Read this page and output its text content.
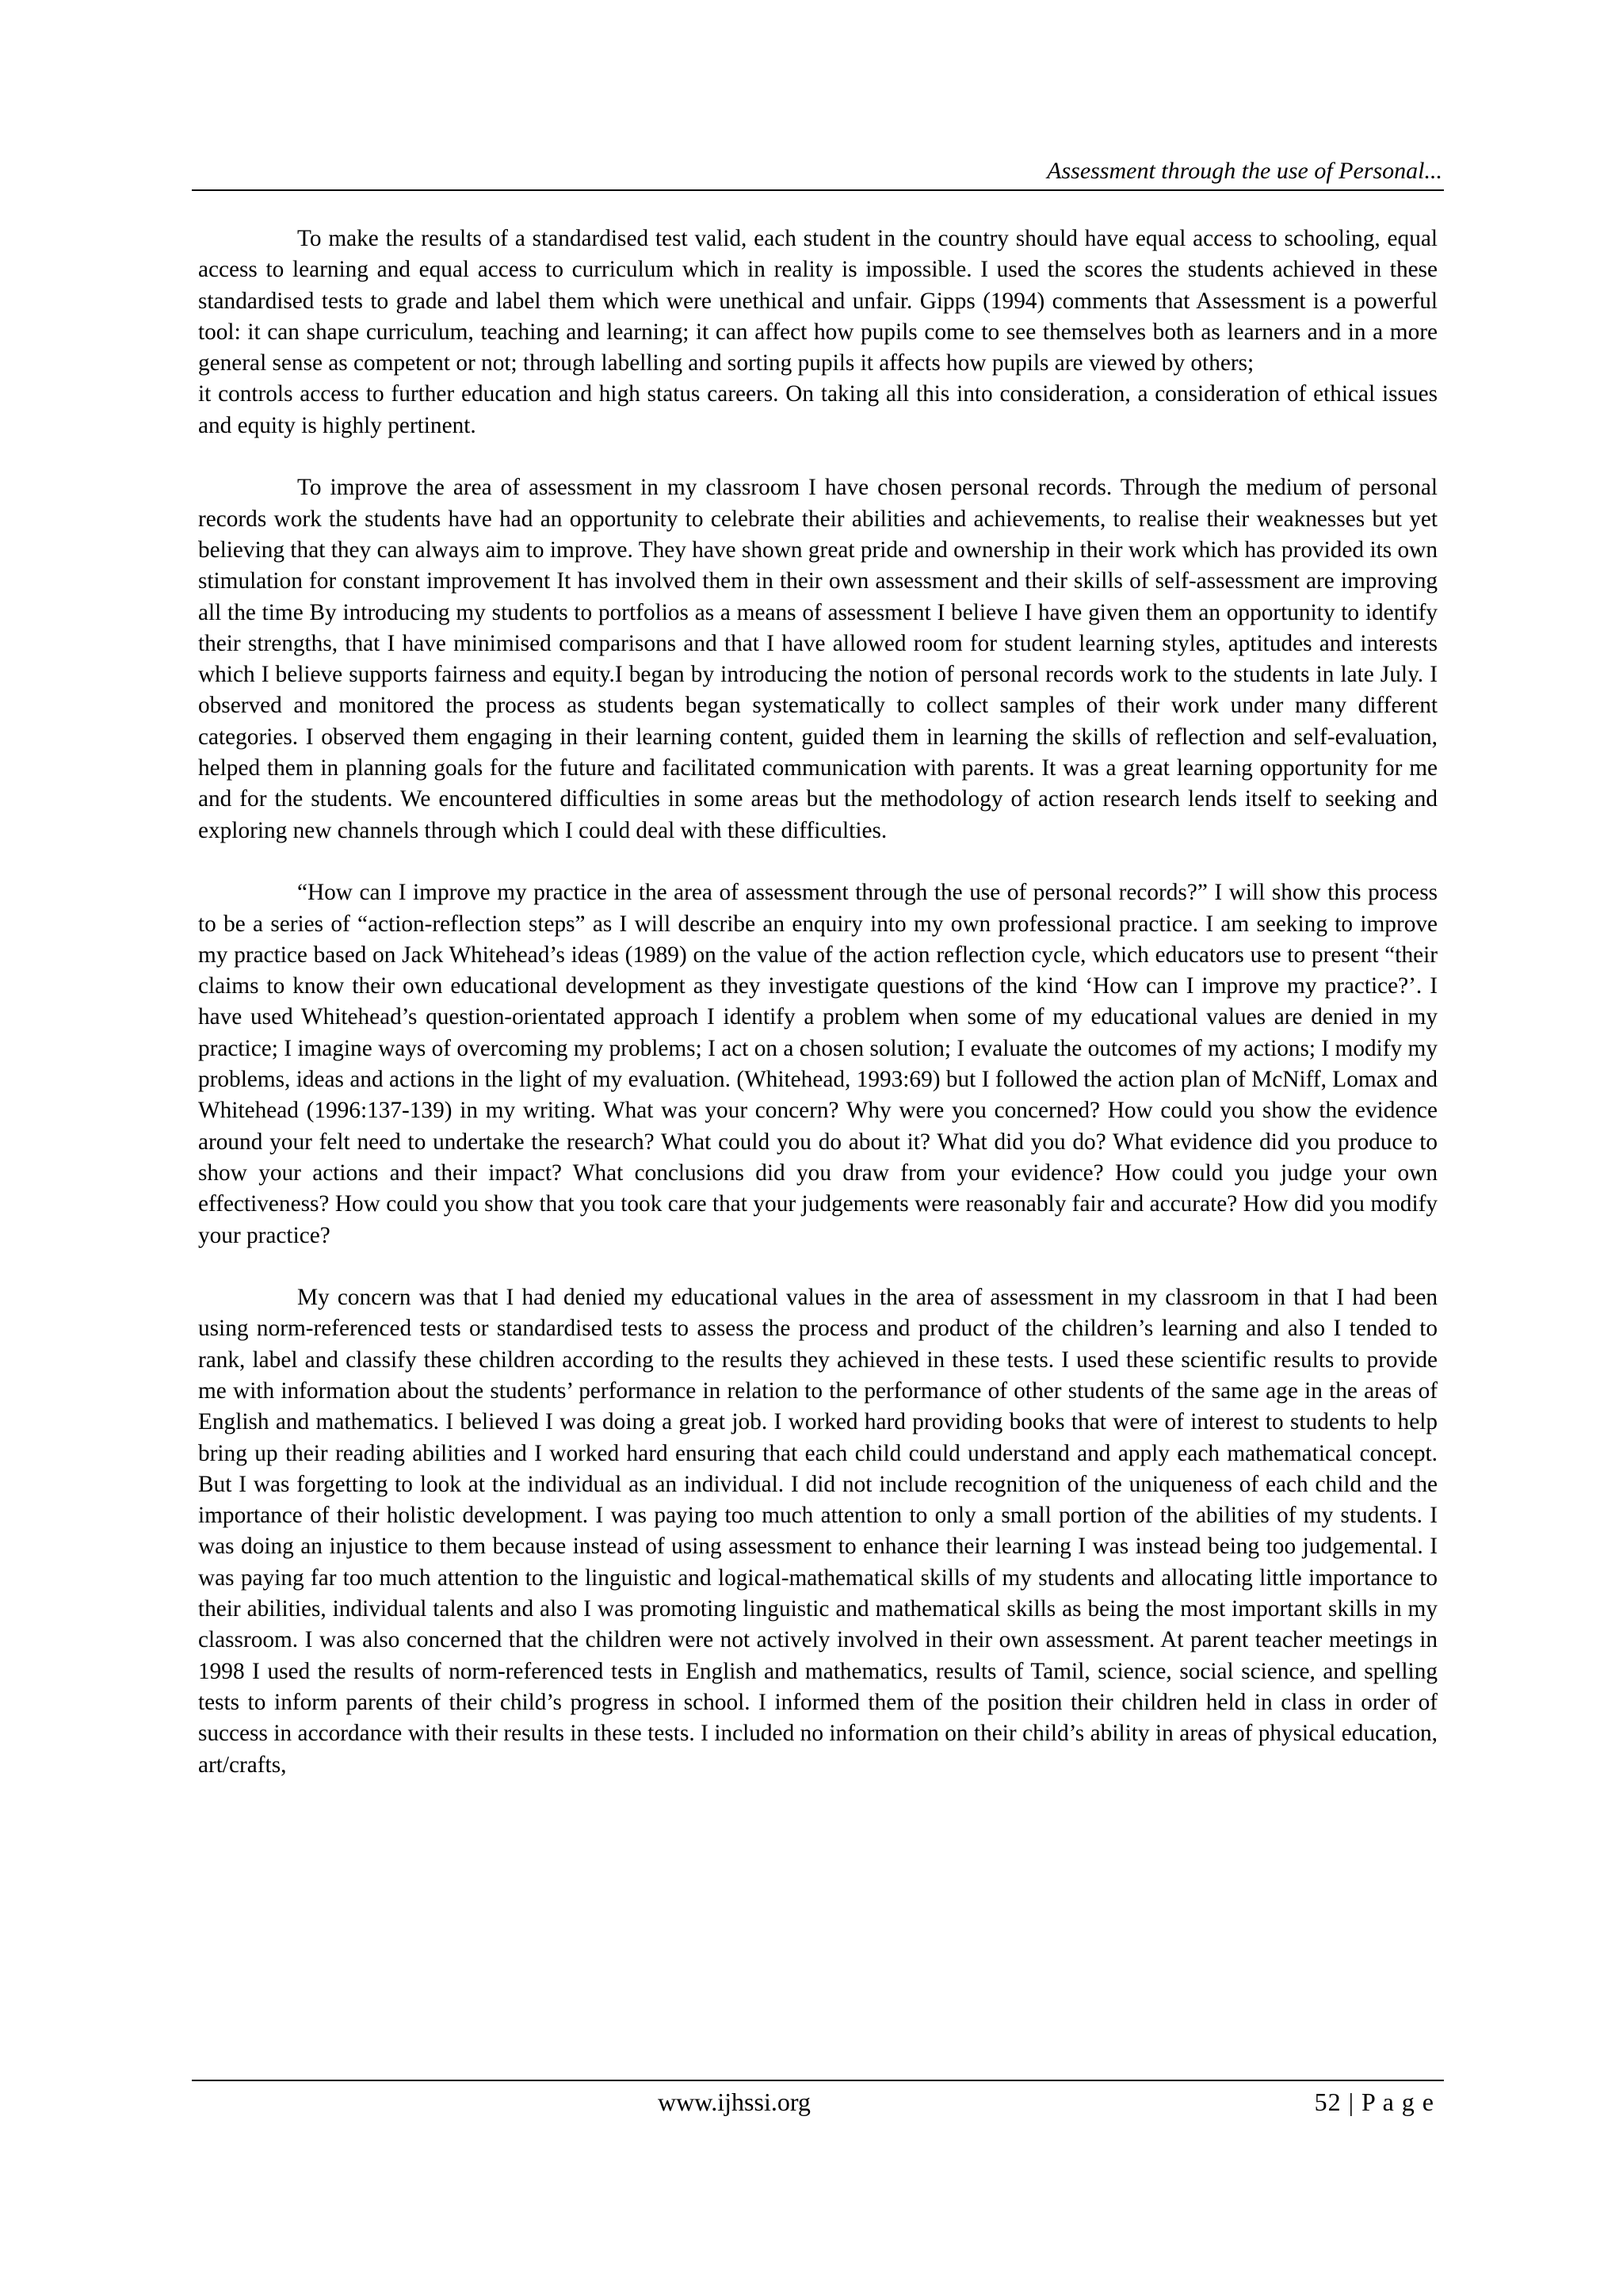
Assessment through the use of Personal...

To make the results of a standardised test valid, each student in the country should have equal access to schooling, equal access to learning and equal access to curriculum which in reality is impossible. I used the scores the students achieved in these standardised tests to grade and label them which were unethical and unfair. Gipps (1994) comments that Assessment is a powerful tool: it can shape curriculum, teaching and learning; it can affect how pupils come to see themselves both as learners and in a more general sense as competent or not; through labelling and sorting pupils it affects how pupils are viewed by others;

it controls access to further education and high status careers. On taking all this into consideration, a consideration of ethical issues and equity is highly pertinent.

To improve the area of assessment in my classroom I have chosen personal records. Through the medium of personal records work the students have had an opportunity to celebrate their abilities and achievements, to realise their weaknesses but yet believing that they can always aim to improve. They have shown great pride and ownership in their work which has provided its own stimulation for constant improvement It has involved them in their own assessment and their skills of self-assessment are improving all the time By introducing my students to portfolios as a means of assessment I believe I have given them an opportunity to identify their strengths, that I have minimised comparisons and that I have allowed room for student learning styles, aptitudes and interests which I believe supports fairness and equity.I began by introducing the notion of personal records work to the students in late July. I observed and monitored the process as students began systematically to collect samples of their work under many different categories. I observed them engaging in their learning content, guided them in learning the skills of reflection and self-evaluation, helped them in planning goals for the future and facilitated communication with parents. It was a great learning opportunity for me and for the students. We encountered difficulties in some areas but the methodology of action research lends itself to seeking and exploring new channels through which I could deal with these difficulties.

“How can I improve my practice in the area of assessment through the use of personal records?” I will show this process to be a series of “action-reflection steps” as I will describe an enquiry into my own professional practice. I am seeking to improve my practice based on Jack Whitehead’s ideas (1989) on the value of the action reflection cycle, which educators use to present “their claims to know their own educational development as they investigate questions of the kind ‘How can I improve my practice?’. I have used Whitehead’s question-orientated approach I identify a problem when some of my educational values are denied in my practice; I imagine ways of overcoming my problems; I act on a chosen solution; I evaluate the outcomes of my actions; I modify my problems, ideas and actions in the light of my evaluation. (Whitehead, 1993:69) but I followed the action plan of McNiff, Lomax and Whitehead (1996:137-139) in my writing. What was your concern? Why were you concerned? How could you show the evidence around your felt need to undertake the research? What could you do about it? What did you do? What evidence did you produce to show your actions and their impact? What conclusions did you draw from your evidence? How could you judge your own effectiveness? How could you show that you took care that your judgements were reasonably fair and accurate? How did you modify your practice?

My concern was that I had denied my educational values in the area of assessment in my classroom in that I had been using norm-referenced tests or standardised tests to assess the process and product of the children’s learning and also I tended to rank, label and classify these children according to the results they achieved in these tests. I used these scientific results to provide me with information about the students’ performance in relation to the performance of other students of the same age in the areas of English and mathematics. I believed I was doing a great job. I worked hard providing books that were of interest to students to help bring up their reading abilities and I worked hard ensuring that each child could understand and apply each mathematical concept. But I was forgetting to look at the individual as an individual. I did not include recognition of the uniqueness of each child and the importance of their holistic development. I was paying too much attention to only a small portion of the abilities of my students. I was doing an injustice to them because instead of using assessment to enhance their learning I was instead being too judgemental. I was paying far too much attention to the linguistic and logical-mathematical skills of my students and allocating little importance to their abilities, individual talents and also I was promoting linguistic and mathematical skills as being the most important skills in my classroom. I was also concerned that the children were not actively involved in their own assessment. At parent teacher meetings in 1998 I used the results of norm-referenced tests in English and mathematics, results of Tamil, science, social science, and spelling tests to inform parents of their child’s progress in school. I informed them of the position their children held in class in order of success in accordance with their results in these tests. I included no information on their child’s ability in areas of physical education, art/crafts,

www.ijhssi.org	52 | P a g e
